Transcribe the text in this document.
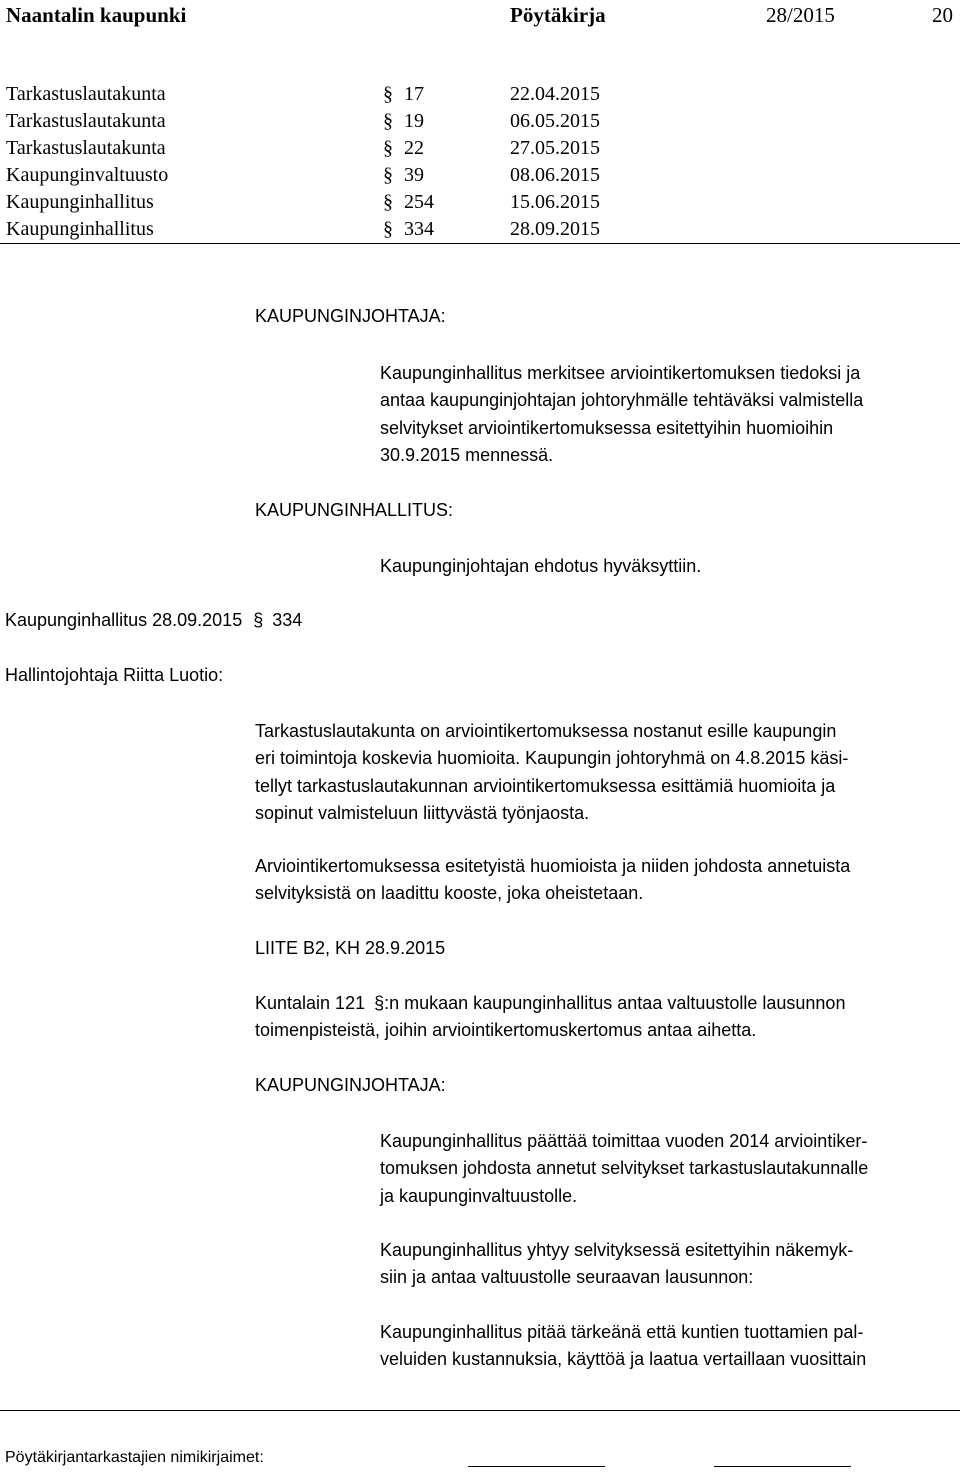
Naantalin kaupunki	Pöytäkirja	28/2015	20
Tarkastuslautakunta	§ 17	22.04.2015
Tarkastuslautakunta	§ 19	06.05.2015
Tarkastuslautakunta	§ 22	27.05.2015
Kaupunginvaltuusto	§ 39	08.06.2015
Kaupunginhallitus	§ 254	15.06.2015
Kaupunginhallitus	§ 334	28.09.2015
KAUPUNGINJOHTAJA:
Kaupunginhallitus merkitsee arviointikertomuksen tiedoksi ja
antaa kaupunginjohtajan johtoryhmälle tehtäväksi valmistella
selvitykset arviointikertomuksessa esitettyihin huomioihin
30.9.2015 mennessä.
KAUPUNGINHALLITUS:
Kaupunginjohtajan ehdotus hyväksyttiin.
Kaupunginhallitus 28.09.2015 § 334
Hallintojohtaja Riitta Luotio:
Tarkastuslautakunta on arviointikertomuksessa nostanut esille kaupungin
eri toimintoja koskevia huomioita. Kaupungin johtoryhmä on 4.8.2015 käsi-
tellyt tarkastuslautakunnan arviointikertomuksessa esittämiä huomioita ja
sopinut valmisteluun liittyvästä työnjaosta.
Arviointikertomuksessa esitetyistä huomioista ja niiden johdosta annetuista
selvityksistä on laadittu kooste, joka oheistetaan.
LIITE B2, KH 28.9.2015
Kuntalain 121 §:n mukaan kaupunginhallitus antaa valtuustolle lausunnon
toimenpisteistä, joihin arviointikertomuskertomus antaa aihetta.
KAUPUNGINJOHTAJA:
Kaupunginhallitus päättää toimittaa vuoden 2014 arviointiker-
tomuksen johdosta annetut selvitykset tarkastuslautakunnalle
ja kaupunginvaltuustolle.
Kaupunginhallitus yhtyy selvityksessä esitettyihin näkemyk-
siin ja antaa valtuustolle seuraavan lausunnon:
Kaupunginhallitus pitää tärkeänä että kuntien tuottamien pal-
veluiden kustannuksia, käyttöä ja laatua vertaillaan vuosittain
Pöytäkirjantarkastajien nimikirjaimet:
